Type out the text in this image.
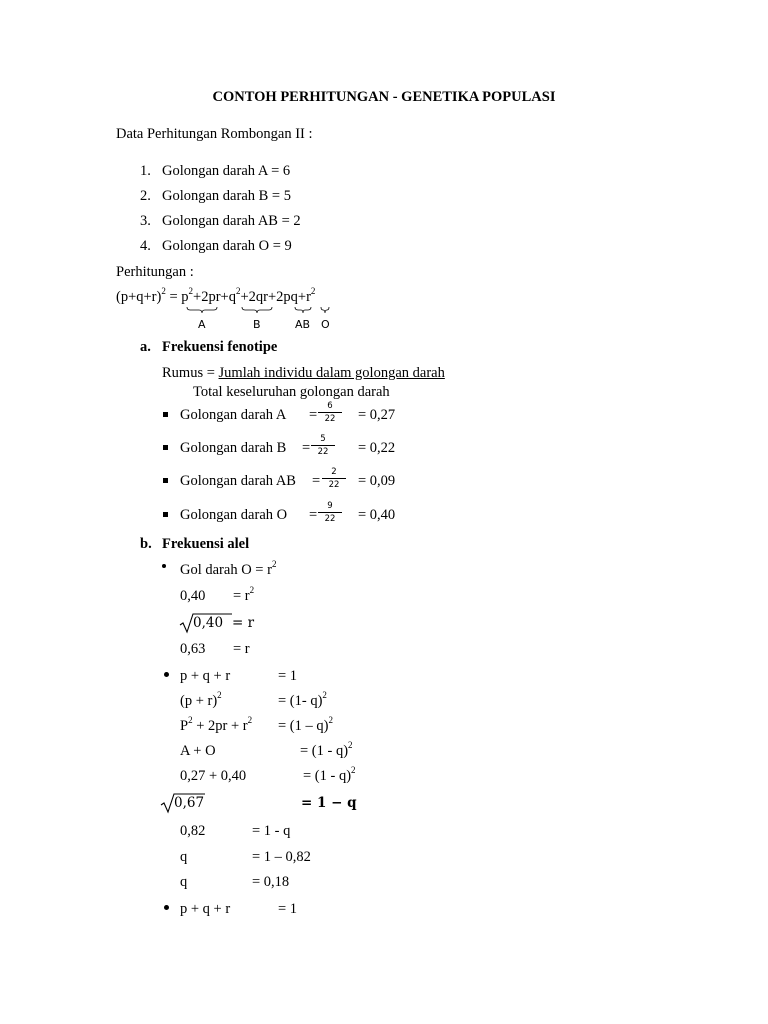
CONTOH PERHITUNGAN - GENETIKA POPULASI
Data Perhitungan Rombongan II :
1. Golongan darah A = 6
2. Golongan darah B = 5
3. Golongan darah AB = 2
4. Golongan darah O = 9
Perhitungan :
$(p+q+r)^2 = p^2+2pr+q^2+2qr+2pq+r^2$
A	B	AB O
a. Frekuensi fenotipe
Rumus = Jumlah individu dalam golongan darah
Total keseluruhan golongan darah
Golongan darah $A = \frac{6}{22} = 0,27$
Golongan darah $B = \frac{5}{22} = 0,22$
Golongan darah AB = $\frac{2}{22} = 0,09$
Golongan darah $O = \frac{9}{22} = 0,40$
b. Frekuensi alel
Gol darah $O = r^2$
$0,40 = r^2$
0,40 = r
0,63 = r
p + q + r	= 1
$(p + r)^2$	= (1- q)$^2$
$P^2 + 2pr + r^2 = (1 - q)^2$
A + O	= (1 - q)$^2$
0,27 + 0,40	= (1 - q)$^2$
0,67	= 1 − q
0,82	= 1 - q
q	= 1 – 0,82
q	= 0,18
p + q + r	= 1
